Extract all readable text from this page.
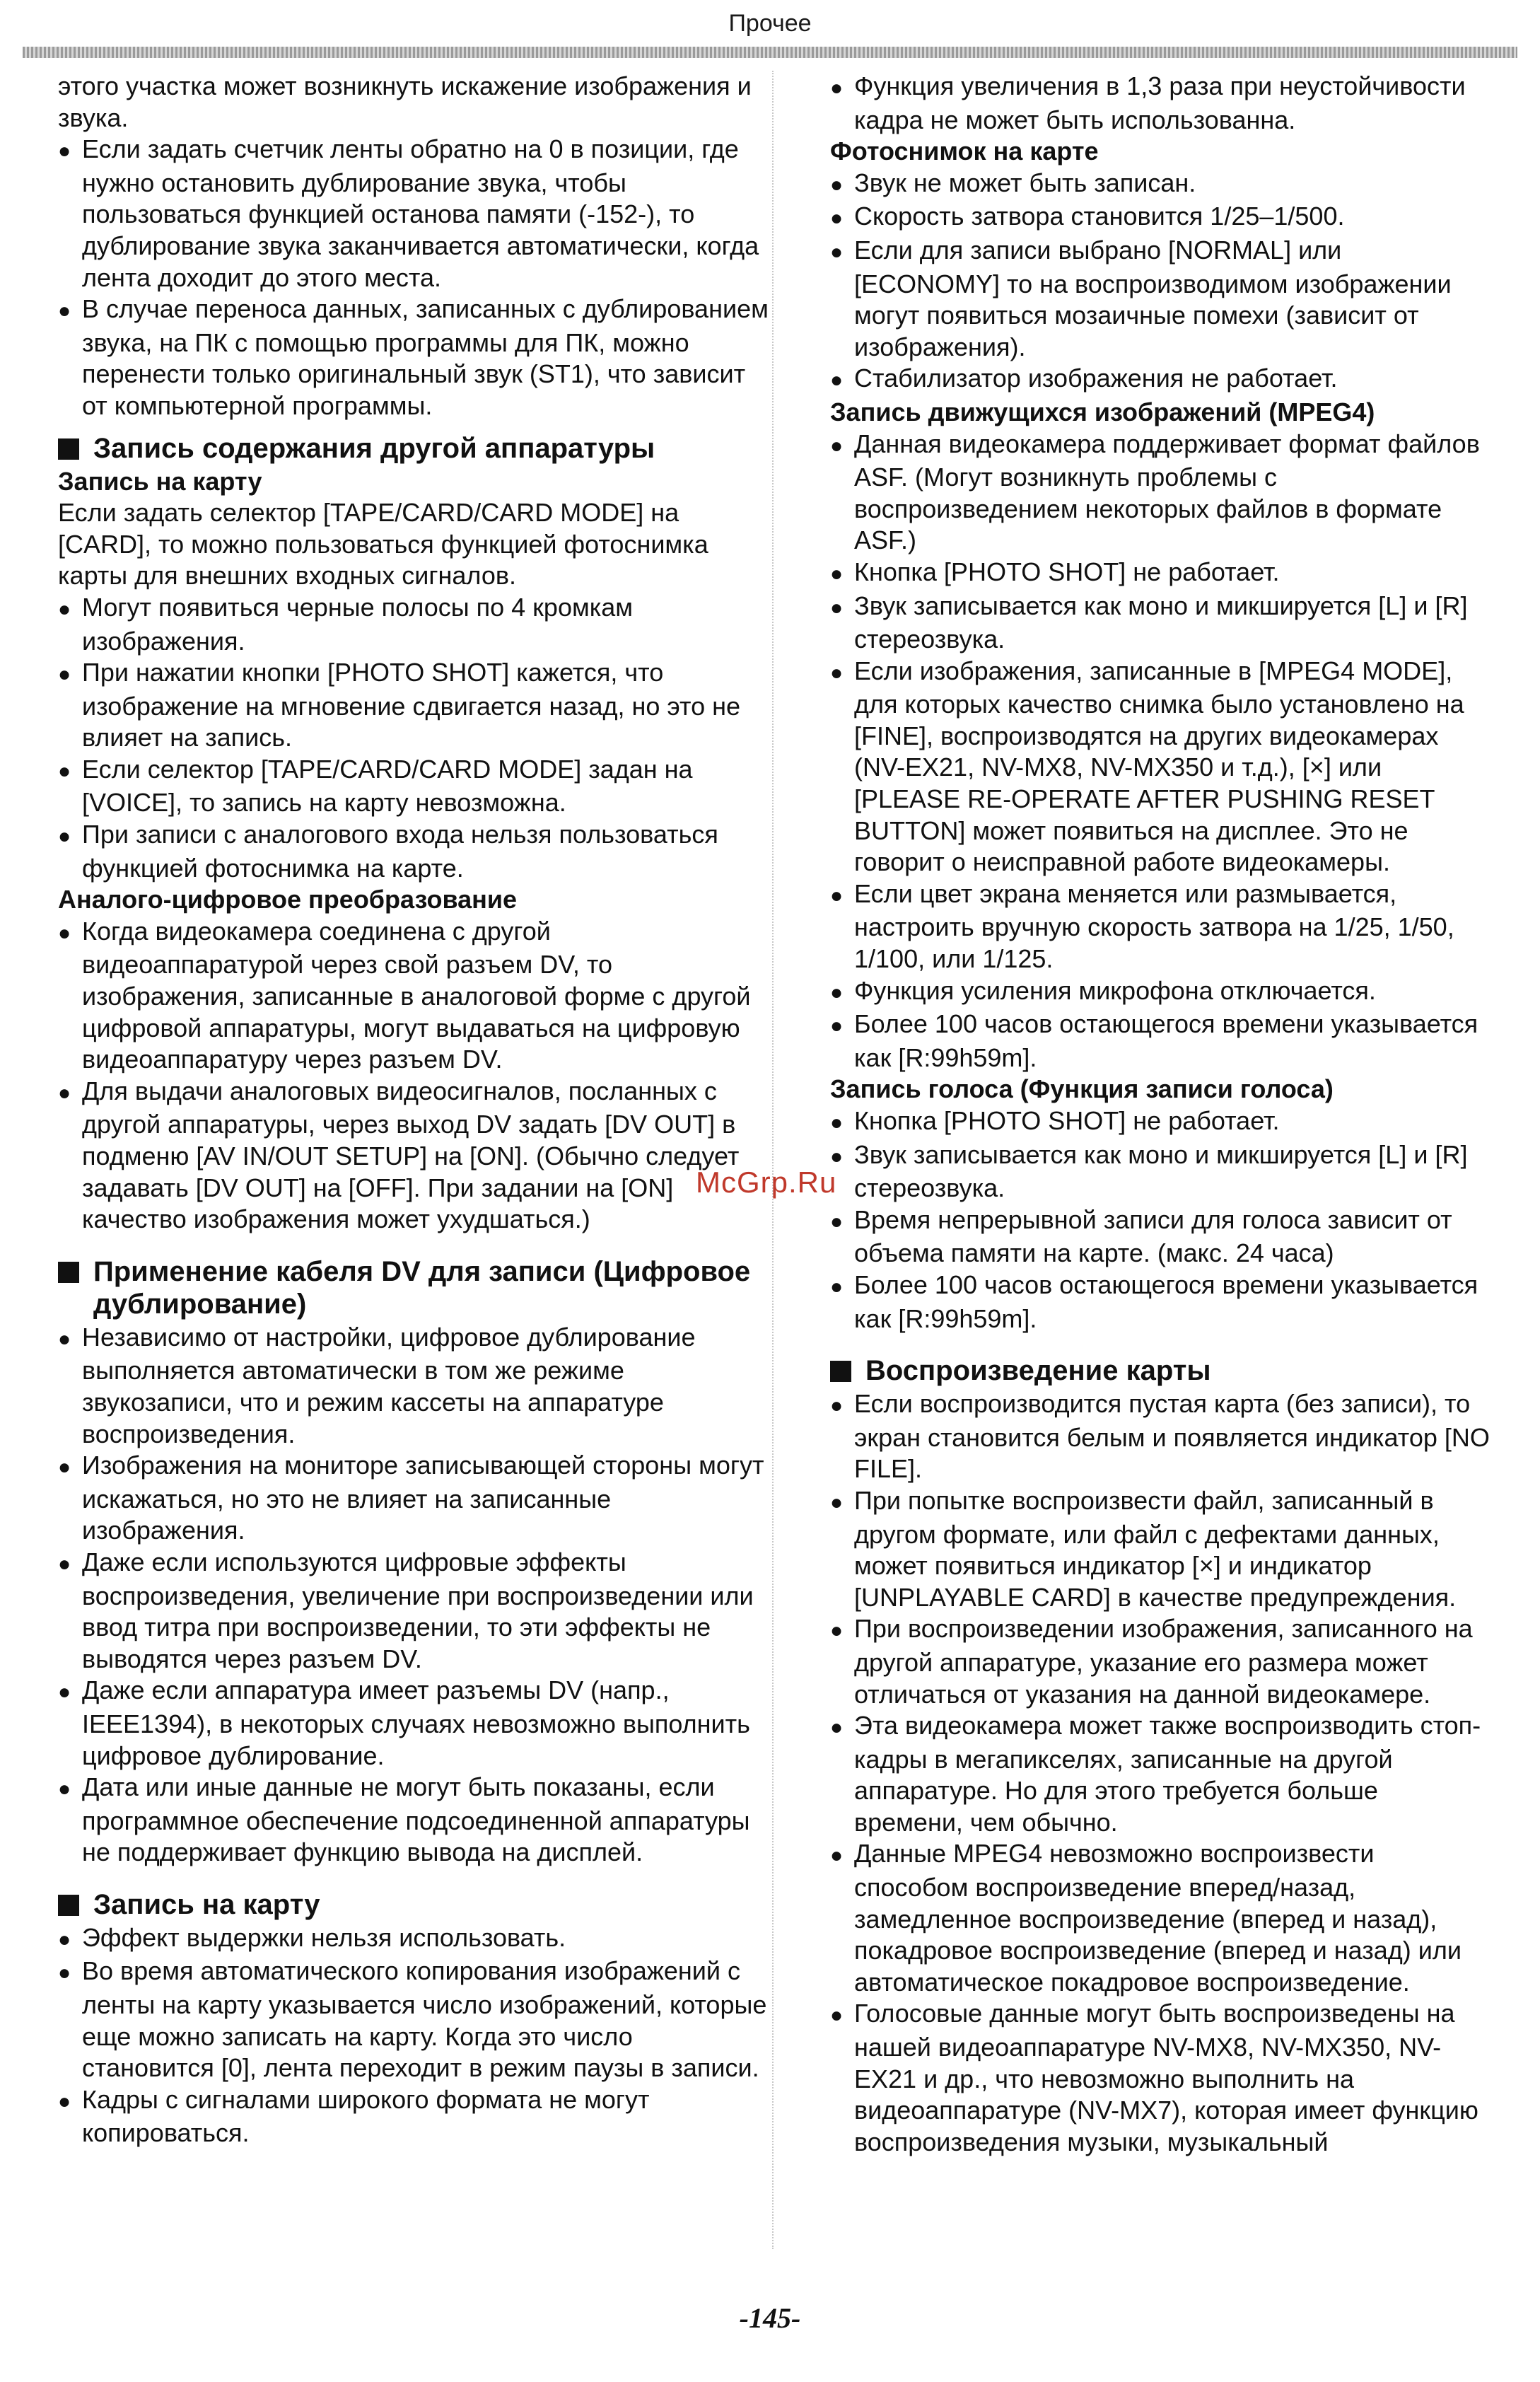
Прочее

этого участка может возникнуть искажение изображения и звука.

● Если задать счетчик ленты обратно на 0 в позиции, где нужно остановить дублирование звука, чтобы пользоваться функцией останова памяти (-152-), то дублирование звука заканчивается автоматически, когда лента доходит до этого места.

● В случае переноса данных, записанных с дублированием звука, на ПК с помощью программы для ПК, можно перенести только оригинальный звук (ST1), что зависит от компьютерной программы.

Запись содержания другой аппаратуры

Запись на карту

Если задать селектор [TAPE/CARD/CARD MODE] на [CARD], то можно пользоваться функцией фотоснимка карты для внешних входных сигналов.

● Могут появиться черные полосы по 4 кромкам изображения.

● При нажатии кнопки [PHOTO SHOT] кажется, что изображение на мгновение сдвигается назад, но это не влияет на запись.

● Если селектор [TAPE/CARD/CARD MODE] задан на [VOICE], то запись на карту невозможна.

● При записи с аналогового входа нельзя пользоваться функцией фотоснимка на карте.

Аналого-цифровое преобразование

● Когда видеокамера соединена с другой видеоаппаратурой через свой разъем DV, то изображения, записанные в аналоговой форме с другой цифровой аппаратуры, могут выдаваться на цифровую видеоаппаратуру через разъем DV.

● Для выдачи аналоговых видеосигналов, посланных с другой аппаратуры, через выход DV задать [DV OUT] в подменю [AV IN/OUT SETUP] на [ON]. (Обычно следует задавать [DV OUT] на [OFF]. При задании на [ON] качество изображения может ухудшаться.)

Применение кабеля DV для записи (Цифровое дублирование)

● Независимо от настройки, цифровое дублирование выполняется автоматически в том же режиме звукозаписи, что и режим кассеты на аппаратуре воспроизведения.

● Изображения на мониторе записывающей стороны могут искажаться, но это не влияет на записанные изображения.

● Даже если используются цифровые эффекты воспроизведения, увеличение при воспроизведении или ввод титра при воспроизведении, то эти эффекты не выводятся через разъем DV.

● Даже если аппаратура имеет разъемы DV (напр., IEEE1394), в некоторых случаях невозможно выполнить цифровое дублирование.

● Дата или иные данные не могут быть показаны, если программное обеспечение подсоединенной аппаратуры не поддерживает функцию вывода на дисплей.

Запись на карту

● Эффект выдержки нельзя использовать.

● Во время автоматического копирования изображений с ленты на карту указывается число изображений, которые еще можно записать на карту. Когда это число становится [0], лента переходит в режим паузы в записи.

● Кадры с сигналами широкого формата не могут копироваться.

● Функция увеличения в 1,3 раза при неустойчивости кадра не может быть использованна.

Фотоснимок на карте

● Звук не может быть записан.

● Скорость затвора становится 1/25–1/500.

● Если для записи выбрано [NORMAL] или [ECONOMY] то на воспроизводимом изображении могут появиться мозаичные помехи (зависит от изображения).

● Стабилизатор изображения не работает.

Запись движущихся изображений (MPEG4)

● Данная видеокамера поддерживает формат файлов ASF. (Могут возникнуть проблемы с воспроизведением некоторых файлов в формате ASF.)

● Кнопка [PHOTO SHOT] не работает.

● Звук записывается как моно и микшируется [L] и [R] стереозвука.

● Если изображения, записанные в [MPEG4 MODE], для которых качество снимка было установлено на [FINE], воспроизводятся на других видеокамерах (NV-EX21, NV-MX8, NV-MX350 и т.д.), [×] или [PLEASE RE-OPERATE AFTER PUSHING RESET BUTTON] может появиться на дисплее. Это не говорит о неисправной работе видеокамеры.

● Если цвет экрана меняется или размывается, настроить вручную скорость затвора на 1/25, 1/50, 1/100, или 1/125.

● Функция усиления микрофона отключается.

● Более 100 часов остающегося времени указывается как [R:99h59m].

Запись голоса (Функция записи голоса)

● Кнопка [PHOTO SHOT] не работает.

● Звук записывается как моно и микшируется [L] и [R] стереозвука.

● Время непрерывной записи для голоса зависит от объема памяти на карте. (макс. 24 часа)

● Более 100 часов остающегося времени указывается как [R:99h59m].

Воспроизведение карты

● Если воспроизводится пустая карта (без записи), то экран становится белым и появляется индикатор [NO FILE].

● При попытке воспроизвести файл, записанный в другом формате, или файл с дефектами данных, может появиться индикатор [×] и индикатор [UNPLAYABLE CARD] в качестве предупреждения.

● При воспроизведении изображения, записанного на другой аппаратуре, указание его размера может отличаться от указания на данной видеокамере.

● Эта видеокамера может также воспроизводить стоп-кадры в мегапикселях, записанные на другой аппаратуре. Но для этого требуется больше времени, чем обычно.

● Данные MPEG4 невозможно воспроизвести способом воспроизведение вперед/назад, замедленное воспроизведение (вперед и назад), покадровое воспроизведение (вперед и назад) или автоматическое покадровое воспроизведение.

● Голосовые данные могут быть воспроизведены на нашей видеоаппаратуре NV-MX8, NV-MX350, NV-EX21 и др., что невозможно выполнить на видеоаппаратуре (NV-MX7), которая имеет функцию воспроизведения музыки, музыкальный

McGrp.Ru
-145-
